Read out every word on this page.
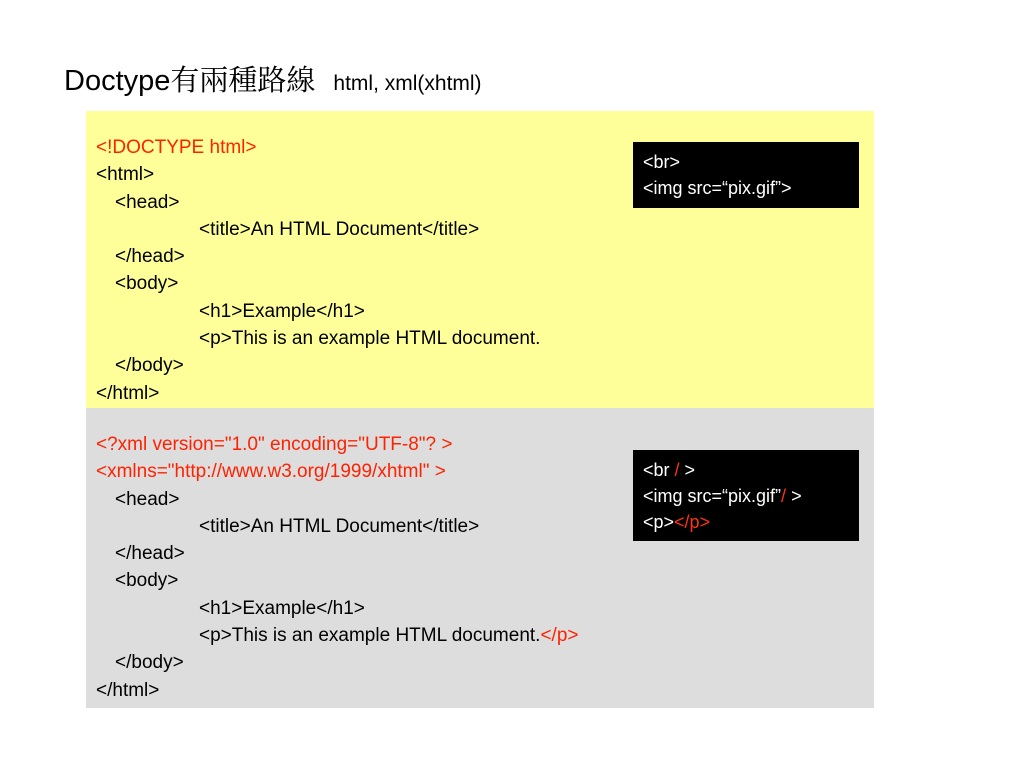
Doctype有兩種路線 html, xml(xhtml)
<!DOCTYPE html>
<html>
<head>
<title>An HTML Document</title>
</head>
<body>
<h1>Example</h1>
<p>This is an example HTML document.
</body>
</html>
<br>
<img src=“pix.gif”>
<?xml version="1.0" encoding="UTF-8"? >
<xmlns="http://www.w3.org/1999/xhtml" >
<head>
<title>An HTML Document</title>
</head>
<body>
<h1>Example</h1>
<p>This is an example HTML document.</p>
</body>
</html>
<br / >
<img src=“pix.gif”/ >
<p></p>
